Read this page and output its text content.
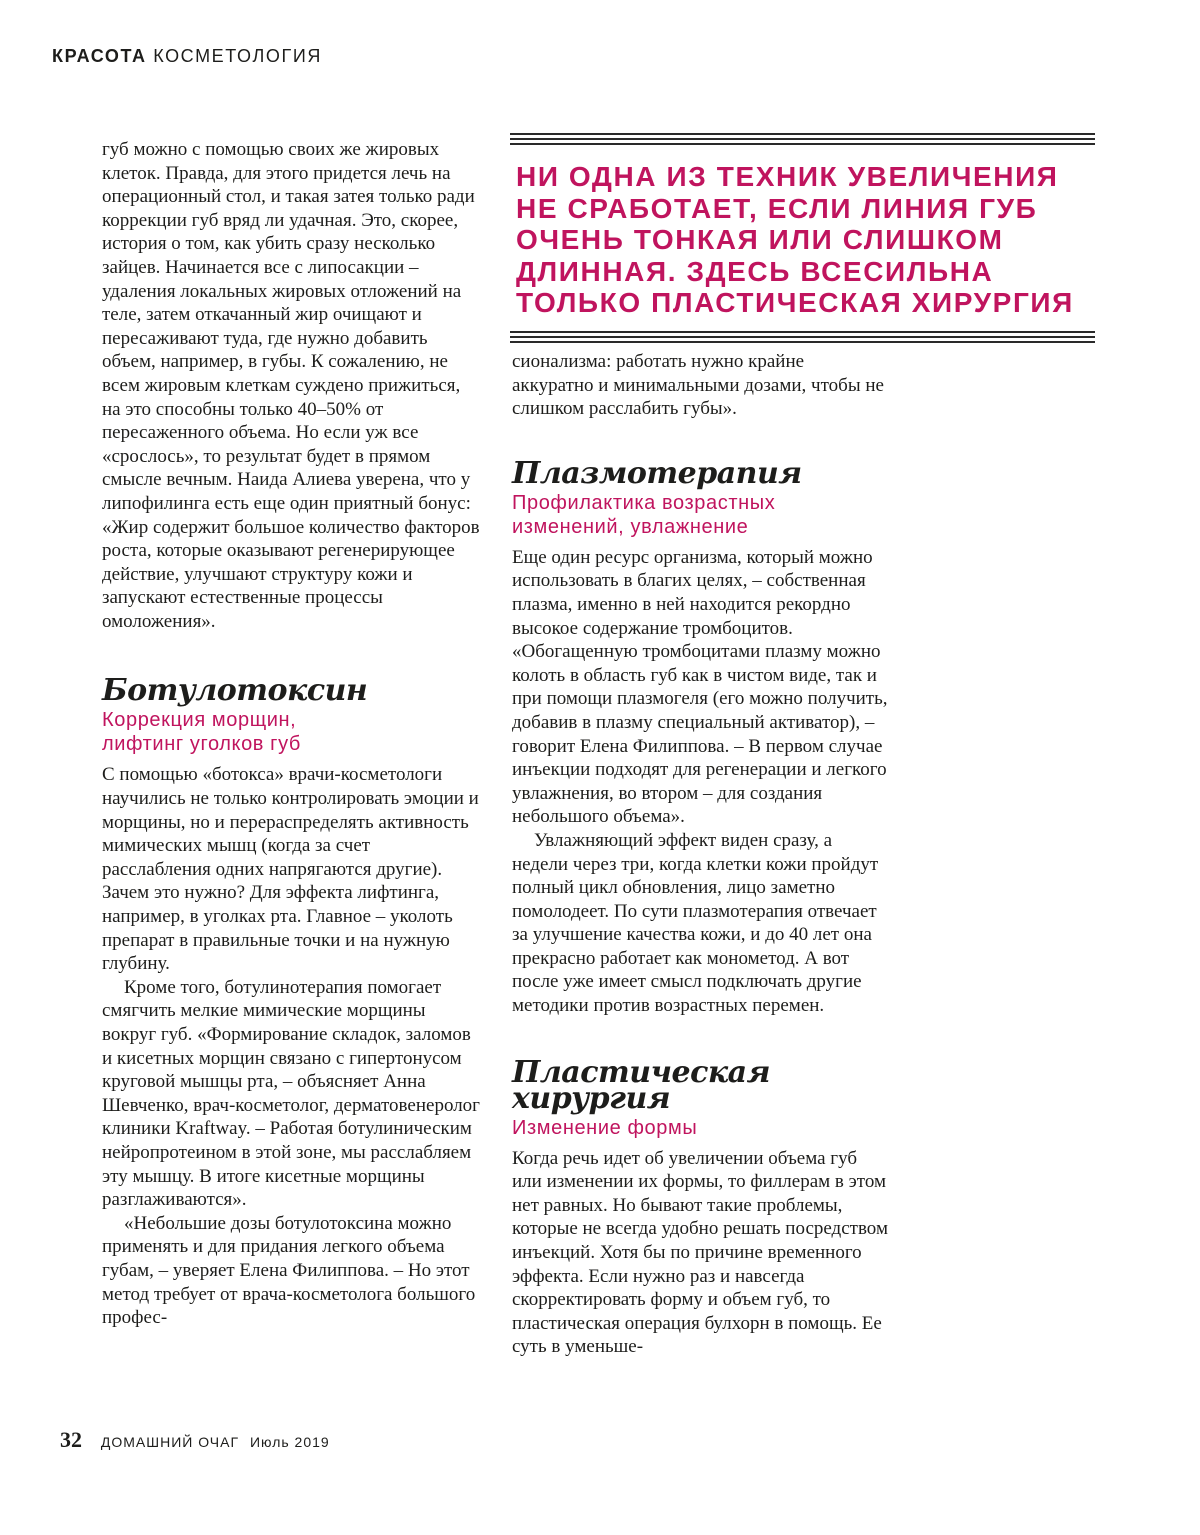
КРАСОТА КОСМЕТОЛОГИЯ

губ можно с помощью своих же жировых клеток. Правда, для этого придется лечь на операционный стол, и такая затея только ради коррекции губ вряд ли удачная. Это, скорее, история о том, как убить сразу несколько зайцев. Начинается все с липосакции – удаления локальных жировых отложений на теле, затем откачанный жир очищают и пересаживают туда, где нужно добавить объем, например, в губы. К сожалению, не всем жировым клеткам суждено прижиться, на это способны только 40–50% от пересаженного объема. Но если уж все «срослось», то результат будет в прямом смысле вечным. Наида Алиева уверена, что у липофилинга есть еще один приятный бонус: «Жир содержит большое количество факторов роста, которые оказывают регенерирующее действие, улучшают структуру кожи и запускают естественные процессы омоложения».

Ботулотоксин
Коррекция морщин,
лифтинг уголков губ

С помощью «ботокса» врачи-косметологи научились не только контролировать эмоции и морщины, но и перераспределять активность мимических мышц (когда за счет расслабления одних напрягаются другие). Зачем это нужно? Для эффекта лифтинга, например, в уголках рта. Главное – уколоть препарат в правильные точки и на нужную глубину.

Кроме того, ботулинотерапия помогает смягчить мелкие мимические морщины вокруг губ. «Формирование складок, заломов и кисетных морщин связано с гипертонусом круговой мышцы рта, – объясняет Анна Шевченко, врач-косметолог, дерматовенеролог клиники Kraftway. – Работая ботулиническим нейропротеином в этой зоне, мы расслабляем эту мышцу. В итоге кисетные морщины разглаживаются».

«Небольшие дозы ботулотоксина можно применять и для придания легкого объема губам, – уверяет Елена Филиппова. – Но этот метод требует от врача-косметолога большого профес-

НИ ОДНА ИЗ ТЕХНИК УВЕЛИЧЕНИЯ
НЕ СРАБОТАЕТ, ЕСЛИ ЛИНИЯ ГУБ
ОЧЕНЬ ТОНКАЯ ИЛИ СЛИШКОМ
ДЛИННАЯ. ЗДЕСЬ ВСЕСИЛЬНА
ТОЛЬКО ПЛАСТИЧЕСКАЯ ХИРУРГИЯ

сионализма: работать нужно крайне аккуратно и минимальными дозами, чтобы не слишком расслабить губы».

Плазмотерапия
Профилактика возрастных
изменений, увлажнение

Еще один ресурс организма, который можно использовать в благих целях, – собственная плазма, именно в ней находится рекордно высокое содержание тромбоцитов. «Обогащенную тромбоцитами плазму можно колоть в область губ как в чистом виде, так и при помощи плазмогеля (его можно получить, добавив в плазму специальный активатор), – говорит Елена Филиппова. – В первом случае инъекции подходят для регенерации и легкого увлажнения, во втором – для создания небольшого объема».

Увлажняющий эффект виден сразу, а недели через три, когда клетки кожи пройдут полный цикл обновления, лицо заметно помолодеет. По сути плазмотерапия отвечает за улучшение качества кожи, и до 40 лет она прекрасно работает как монометод. А вот после уже имеет смысл подключать другие методики против возрастных перемен.

Пластическая
хирургия
Изменение формы

Когда речь идет об увеличении объема губ или изменении их формы, то филлерам в этом нет равных. Но бывают такие проблемы, которые не всегда удобно решать посредством инъекций. Хотя бы по причине временного эффекта. Если нужно раз и навсегда скорректировать форму и объем губ, то пластическая операция булхорн в помощь. Ее суть в уменьше-

32 ДОМАШНИЙ ОЧАГ Июль 2019
